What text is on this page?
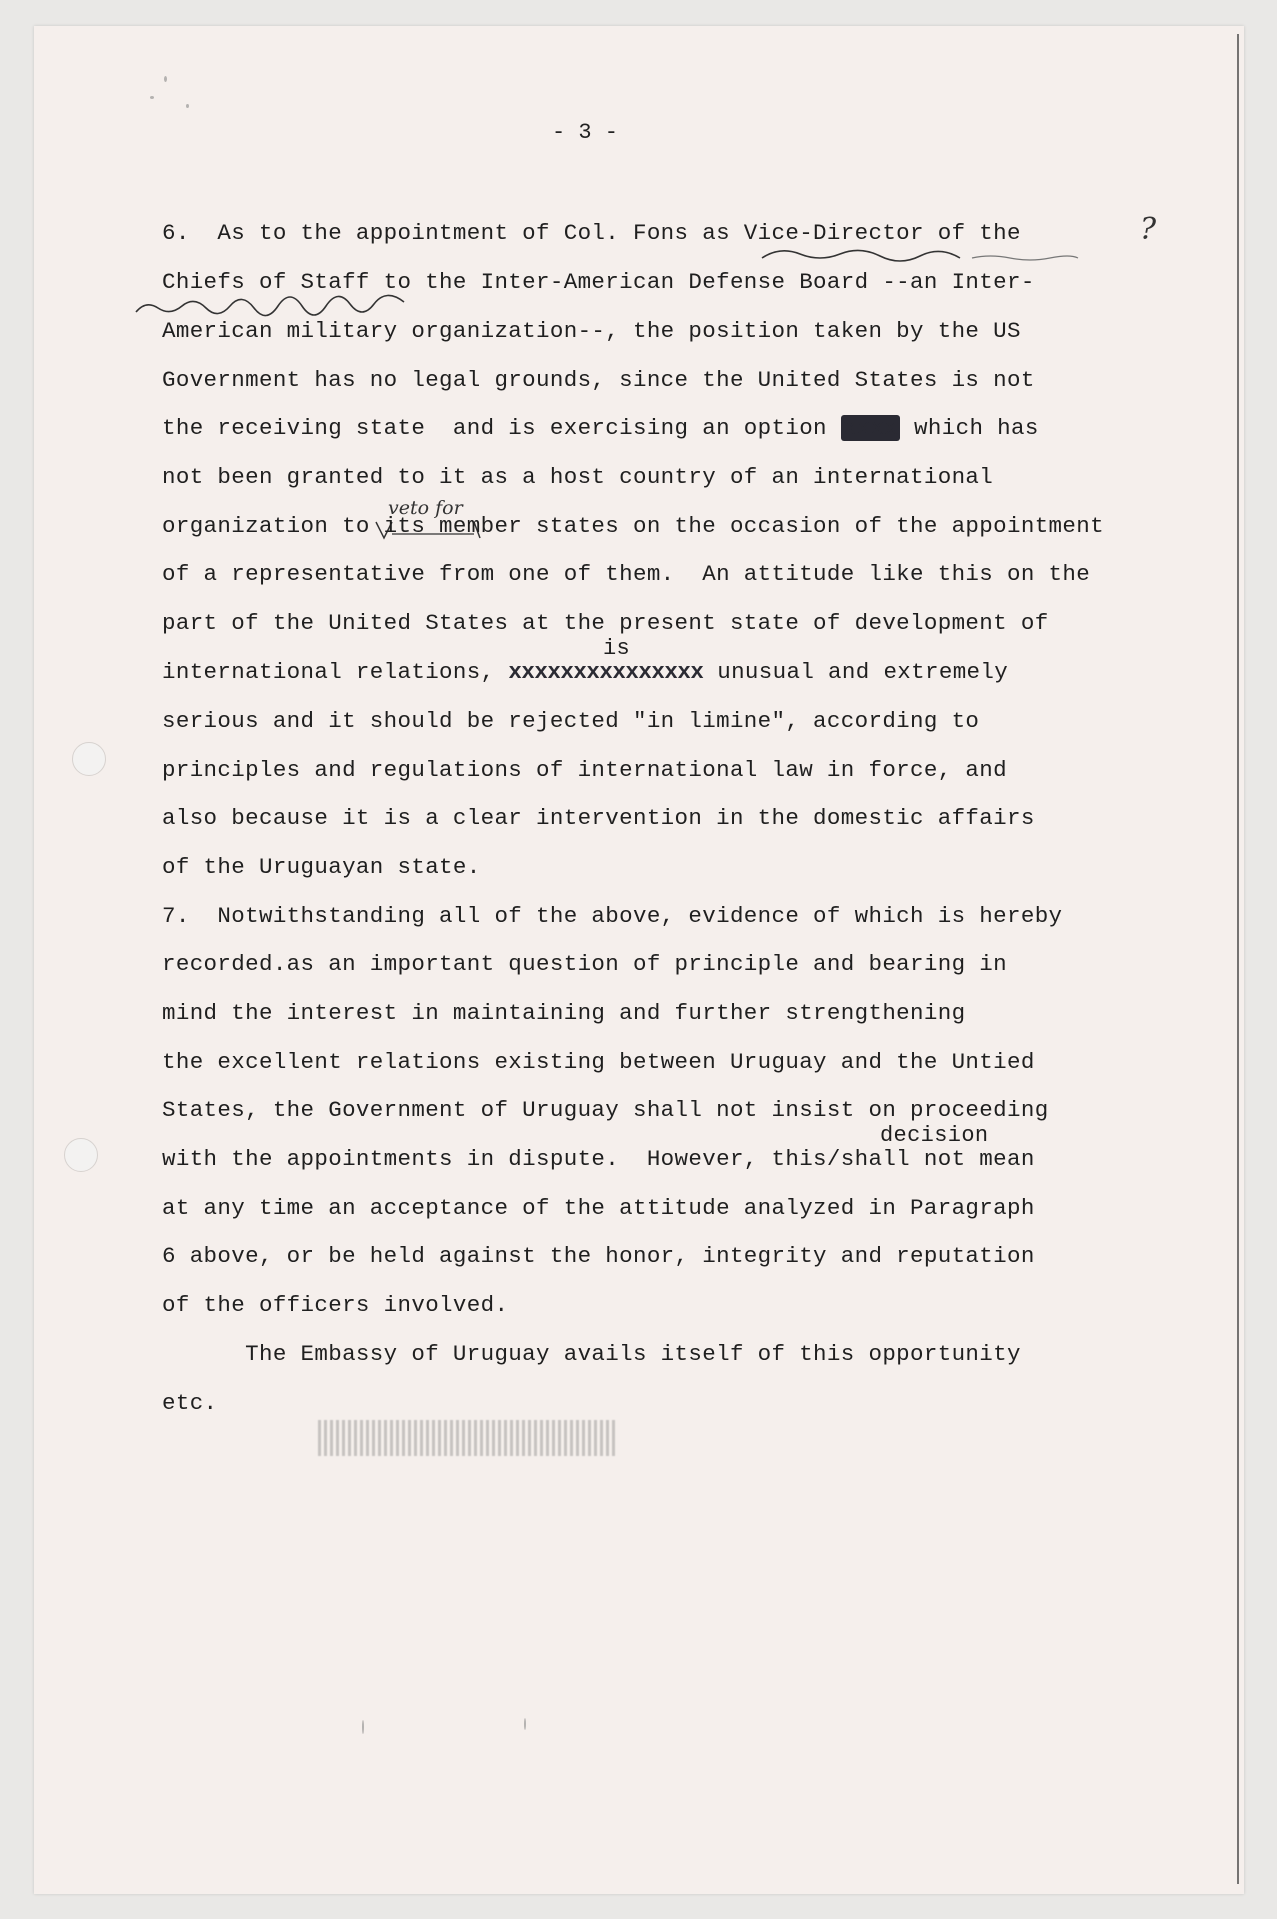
- 3 -
?
veto for
is
decision
6.  As to the appointment of Col. Fons as Vice-Director of the
Chiefs of Staff to the Inter-American Defense Board --an Inter-
American military organization--, the position taken by the US
Government has no legal grounds, since the United States is not
the receiving state  and is exercising an option xxxx which has
not been granted to it as a host country of an international
organization to its member states on the occasion of the appointment
of a representative from one of them.  An attitude like this on the
part of the United States at the present state of development of
international relations, xxxxxxxxxxxxxxx unusual and extremely
serious and it should be rejected "in limine", according to
principles and regulations of international law in force, and
also because it is a clear intervention in the domestic affairs
of the Uruguayan state.
7.  Notwithstanding all of the above, evidence of which is hereby
recorded.as an important question of principle and bearing in
mind the interest in maintaining and further strengthening
the excellent relations existing between Uruguay and the Untied
States, the Government of Uruguay shall not insist on proceeding
with the appointments in dispute.  However, this/shall not mean
at any time an acceptance of the attitude analyzed in Paragraph
6 above, or be held against the honor, integrity and reputation
of the officers involved.
The Embassy of Uruguay avails itself of this opportunity
etc.
